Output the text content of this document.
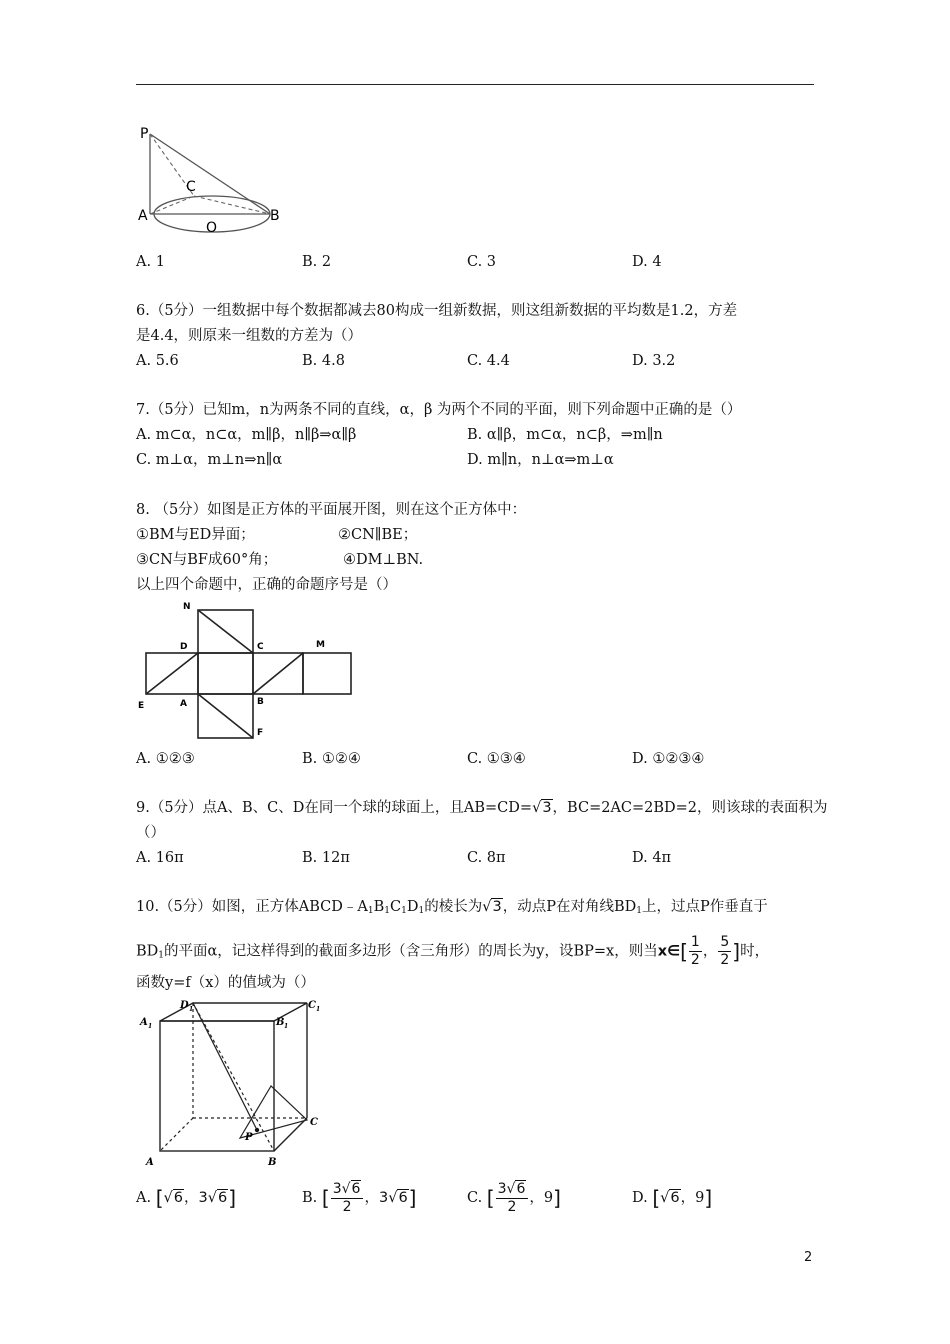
P
C
A
O
B
A. 1	B. 2	C. 3	D. 4
6.（5分）一组数据中每个数据都减去80构成一组新数据，则这组新数据的平均数是1.2，方差
是4.4，则原来一组数的方差为（）
A. 5.6	B. 4.8	C. 4.4	D. 3.2
7.（5分）已知m，n为两条不同的直线，α，β 为两个不同的平面，则下列命题中正确的是（）
A. m⊂α，n⊂α，m∥β，n∥β⇒α∥β	B. α∥β，m⊂α，n⊂β，⇒m∥n
C. m⊥α，m⊥n⇒n∥α	D. m∥n，n⊥α⇒m⊥α
8. （5分）如图是正方体的平面展开图，则在这个正方体中：
①BM与ED异面；	②CN∥BE；
③CN与BF成60°角；	④DM⊥BN.
以上四个命题中，正确的命题序号是（）
N
D	C	M
E	A	B
F
A. ①②③	B. ①②④	C. ①③④	D. ①②③④
9.（5分）点A、B、C、D在同一个球的球面上，且AB=CD=√3，BC=2AC=2BD=2，则该球的表面积为
（）
A. 16π	B. 12π	C. 8π	D. 4π
10.（5分）如图，正方体$ABCD﹣A_1B_1C_1D_1$的棱长为√3，动点P在对角线$BD_1$上，过点P作垂直于
$BD_1$的平面α，记这样得到的截面多边形（含三角形）的周长为y，设BP=x，则当x∈[ $\frac{1}{2}$ ， $\frac{5}{2}$ ]时，
函数y=f（x）的值域为（）
D 1	C 1
A 1	B 1
C
P
A	B
A. [√6，3√6]	B. [ $\frac{3√6}{2}$ ，3√6]	C. [ $\frac{3√6}{2}$ ，9]	D. [√6，9]
2
